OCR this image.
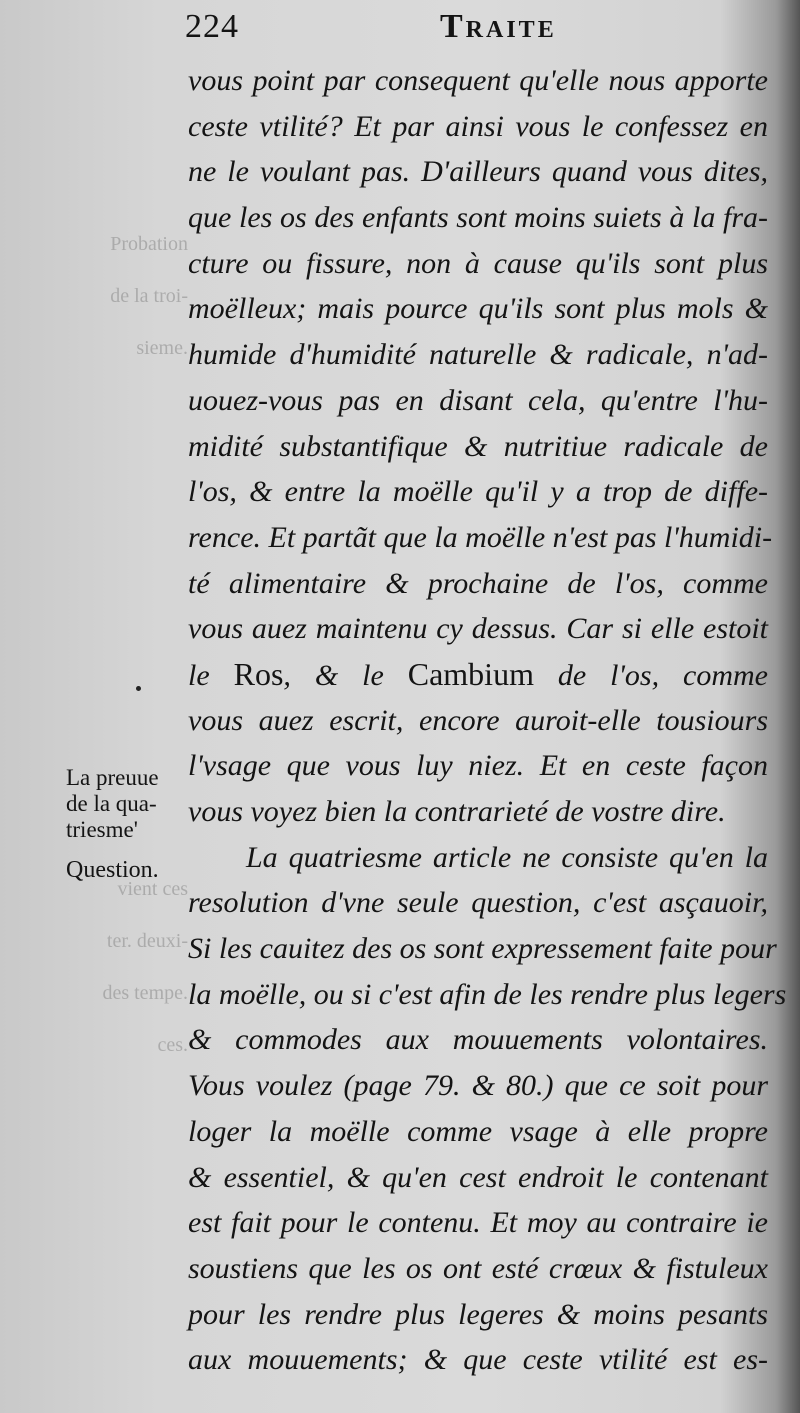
Probation

de la troi-

sieme.

vient ces

ter. deuxi-

des tempe.

ces.

224	Traite
La preuue
de la qua-
triesme'
Question.
vous point par consequent qu'elle nous apporte
ceste vtilité? Et par ainsi vous le confessez en
ne le voulant pas. D'ailleurs quand vous dites,
que les os des enfants sont moins suiets à la fra-
cture ou fissure, non à cause qu'ils sont plus
moëlleux; mais pource qu'ils sont plus mols &
humide d'humidité naturelle & radicale, n'ad-
uouez-vous pas en disant cela, qu'entre l'hu-
midité substantifique & nutritiue radicale de
l'os, & entre la moëlle qu'il y a trop de diffe-
rence. Et partãt que la moëlle n'est pas l'humidi-
té alimentaire & prochaine de l'os, comme
vous auez maintenu cy dessus. Car si elle estoit
le Ros, & le Cambium de l'os, comme
vous auez escrit, encore auroit-elle tousiours
l'vsage que vous luy niez. Et en ceste façon
vous voyez bien la contrarieté de vostre dire.
La quatriesme article ne consiste qu'en la
resolution d'vne seule question, c'est asçauoir,
Si les cauitez des os sont expressement faite pour
la moëlle, ou si c'est afin de les rendre plus legers
& commodes aux mouuements volontaires.
Vous voulez (page 79. & 80.) que ce soit pour
loger la moëlle comme vsage à elle propre
& essentiel, & qu'en cest endroit le contenant
est fait pour le contenu. Et moy au contraire ie
soustiens que les os ont esté crœux & fistuleux
pour les rendre plus legeres & moins pesants
aux mouuements; & que ceste vtilité est es-
